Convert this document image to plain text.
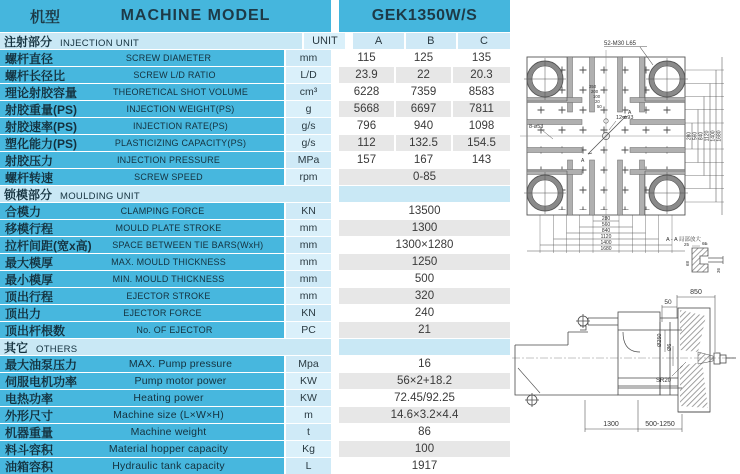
机型	MACHINE MODEL	GEK1350W/S
注射部分 INJECTION UNIT	UNIT	A	B	C
螺杆直径	SCREW DIAMETER	mm	115	125	135
螺杆长径比	SCREW L/D RATIO	L/D	23.9	22	20.3
理论射胶容量	THEORETICAL SHOT VOLUME	cm³	6228	7359	8583
射胶重量(PS)	INJECTION WEIGHT(PS)	g	5668	6697	7811
射胶速率(PS)	INJECTION RATE(PS)	g/s	796	940	1098
塑化能力(PS)	PLASTICIZING CAPACITY(PS)	g/s	112	132.5	154.5
射胶压力	INJECTION PRESSURE	MPa	157	167	143
螺杆转速	SCREW SPEED	rpm	0-85
锁模部分 MOULDING UNIT
合模力	CLAMPING FORCE	KN	13500
移模行程	MOULD PLATE STROKE	mm	1300
拉杆间距(宽x高)	SPACE BETWEEN TIE BARS(WxH)	mm	1300×1280
最大模厚	MAX. MOULD THICKNESS	mm	1250
最小模厚	MIN. MOULD THICKNESS	mm	500
顶出行程	EJECTOR STROKE	mm	320
顶出力	EJECTOR FORCE	KN	240
顶出杆根数	No. OF EJECTOR	PC	21
其它 OTHERS
最大油泵压力	MAX. Pump pressure	Mpa	16
伺服电机功率	Pump motor power	KW	56×2+18.2
电热功率	Heating power	KW	72.45/92.25
外形尺寸	Machine size (L×W×H)	m	14.6×3.2×4.4
机器重量	Machine weight	t	86
料斗容积	Material hopper capacity	Kg	100
油箱容积	Hydraulic tank capacity	L	1917
52-M30 L65
12-ø93
8-ø53
A
A
350
200
100
20
50
280 560 840 1120 1400 1680
280
560
840
1120
1400
1680
A - A 局部放大
25	65
68
36
850
50
Ø250
Ø6
SR20
1300	500-1250
